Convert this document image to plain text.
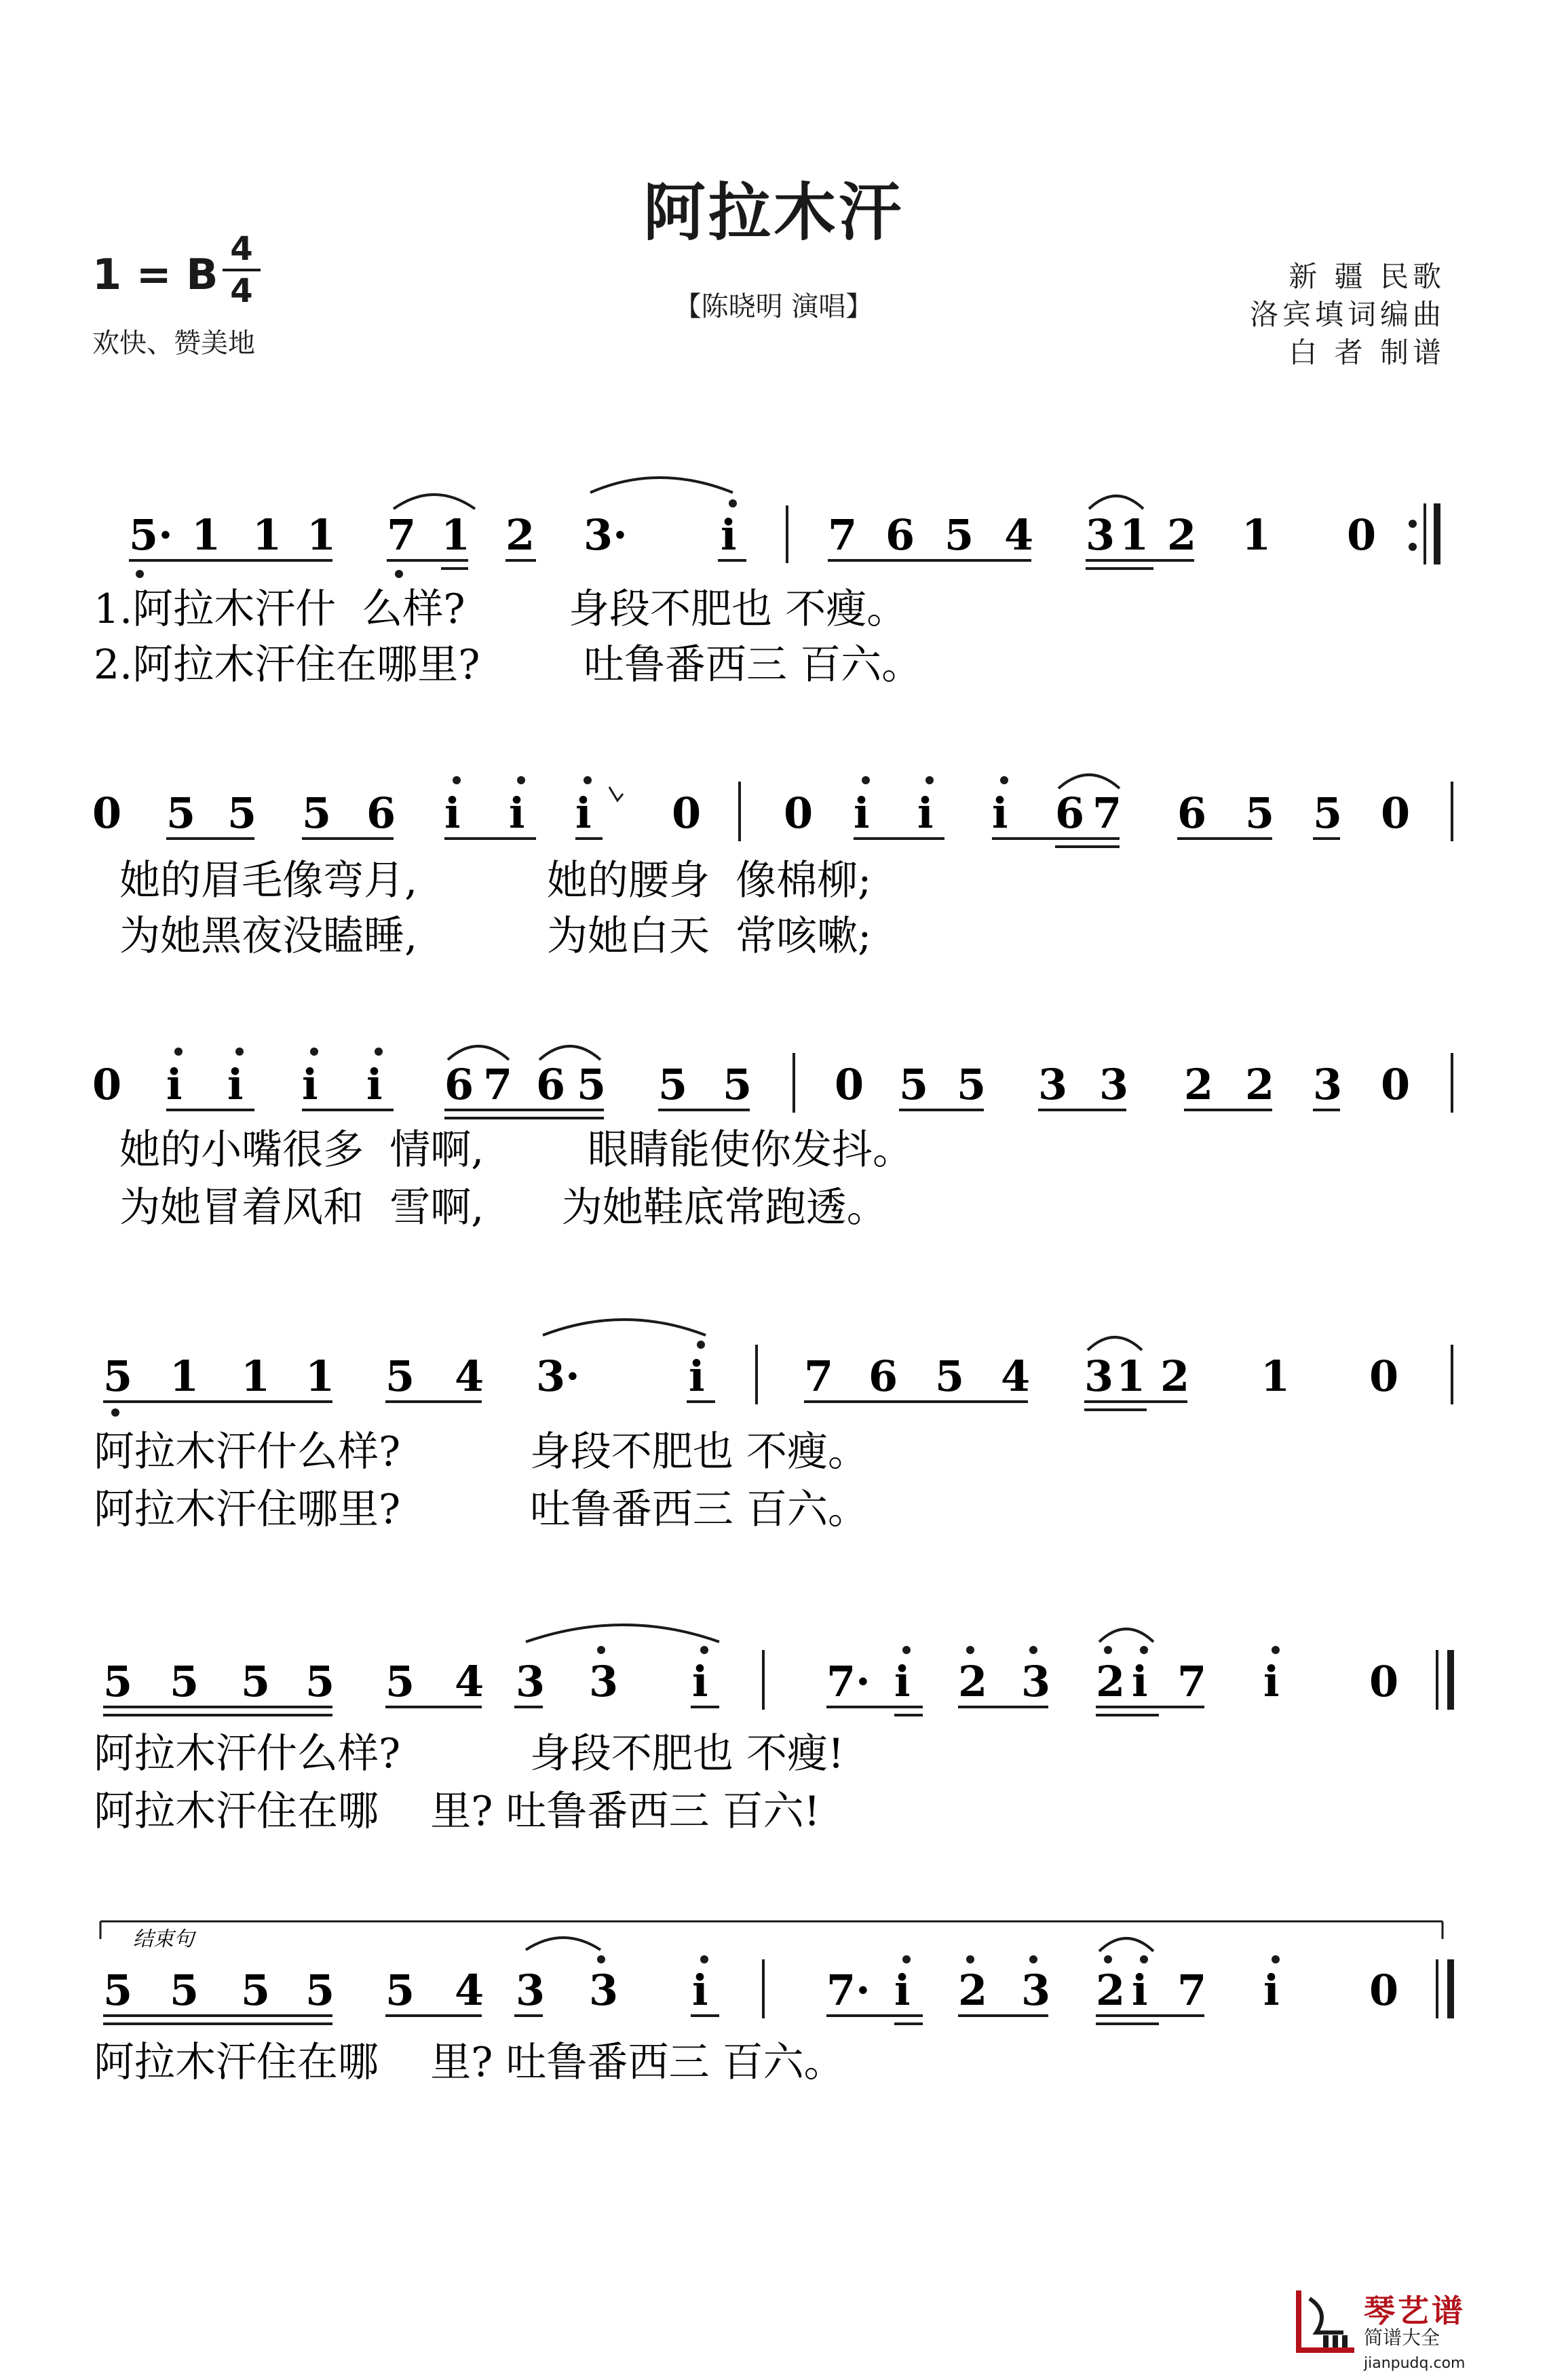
阿拉木汗
1 = B
4
4
欢快、赞美地
【陈晓明 演唱】
新 疆 民歌
洛宾填词编曲
白 者 制谱
5· 1 1 1 7 1 2 3· i 7 6 5 4 3 1 2 1 0
1.阿拉木汗什  么样?        身段不肥也 不瘦。
2.阿拉木汗住在哪里?        吐鲁番西三 百六。
0 5 5 5 6 i i i 0 0 i i i 6 7 6 5 5 0
她的眉毛像弯月,          她的腰身  像棉柳;
为她黑夜没瞌睡,          为她白天  常咳嗽;
0 i i i i 6 7 6 5 5 5 0 5 5 3 3 2 2 3 0
她的小嘴很多  情啊,        眼睛能使你发抖。
为她冒着风和  雪啊,      为她鞋底常跑透。
5 1 1 1 5 4 3·	i 7 6 5 4 3 1 2 1 0
阿拉木汗什么样?          身段不肥也 不瘦。
阿拉木汗住哪里?          吐鲁番西三 百六。
5 5 5 5 5 4 3 3 i	7· i 2 3 2 i 7 i 0
阿拉木汗什么样?          身段不肥也 不瘦!
阿拉木汗住在哪    里? 吐鲁番西三 百六!
结束句
5 5 5 5 5 4 3 3 i	7· i 2 3 2 i 7 i 0
阿拉木汗住在哪    里? 吐鲁番西三 百六。
琴艺谱
简谱大全 jianpudq.com
